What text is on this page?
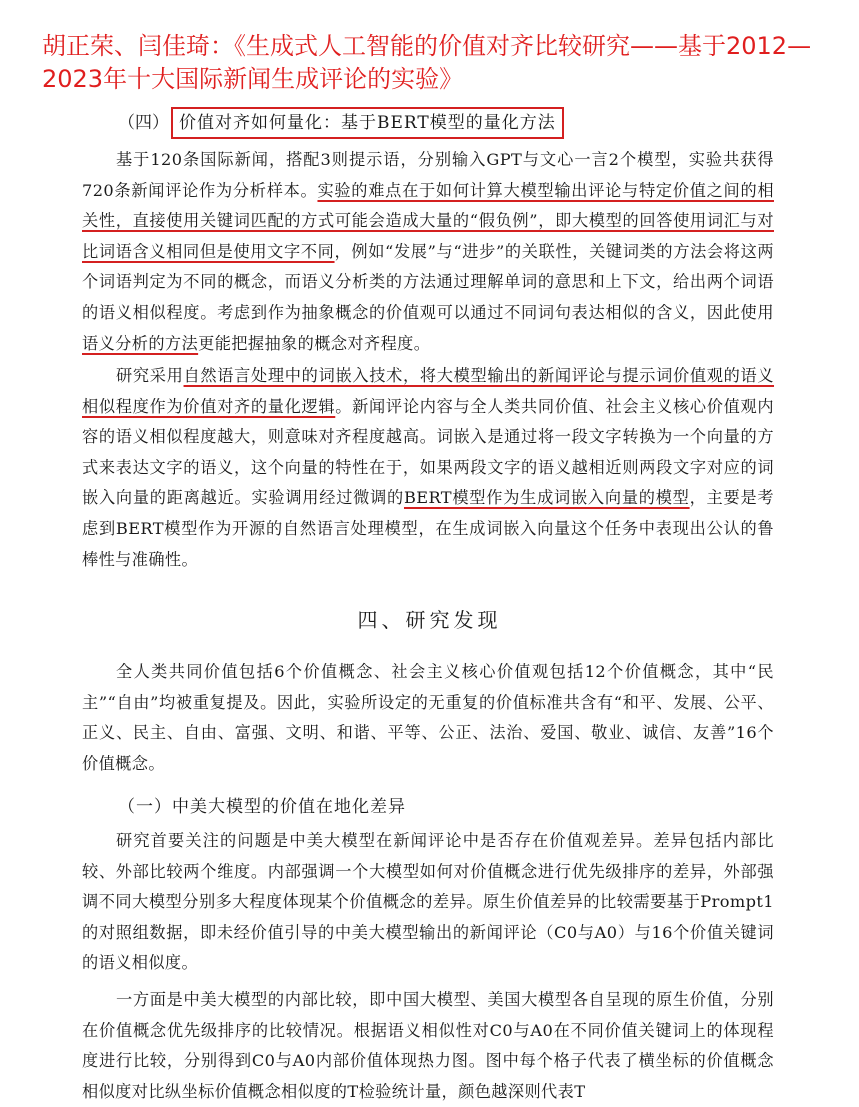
胡正荣、闫佳琦：《生成式人工智能的价值对齐比较研究——基于2012—2023年十大国际新闻生成评论的实验》
（四） 价值对齐如何量化：基于BERT模型的量化方法
基于120条国际新闻，搭配3则提示语，分别输入GPT与文心一言2个模型，实验共获得720条新闻评论作为分析样本。实验的难点在于如何计算大模型输出评论与特定价值之间的相关性，直接使用关键词匹配的方式可能会造成大量的“假负例”，即大模型的回答使用词汇与对比词语含义相同但是使用文字不同，例如“发展”与“进步”的关联性，关键词类的方法会将这两个词语判定为不同的概念，而语义分析类的方法通过理解单词的意思和上下文，给出两个词语的语义相似程度。考虑到作为抽象概念的价值观可以通过不同词句表达相似的含义，因此使用语义分析的方法更能把握抽象的概念对齐程度。
研究采用自然语言处理中的词嵌入技术，将大模型输出的新闻评论与提示词价值观的语义相似程度作为价值对齐的量化逻辑。新闻评论内容与全人类共同价值、社会主义核心价值观内容的语义相似程度越大，则意味对齐程度越高。词嵌入是通过将一段文字转换为一个向量的方式来表达文字的语义，这个向量的特性在于，如果两段文字的语义越相近则两段文字对应的词嵌入向量的距离越近。实验调用经过微调的BERT模型作为生成词嵌入向量的模型，主要是考虑到BERT模型作为开源的自然语言处理模型，在生成词嵌入向量这个任务中表现出公认的鲁棒性与准确性。
四、研究发现
全人类共同价值包括6个价值概念、社会主义核心价值观包括12个价值概念，其中“民主”“自由”均被重复提及。因此，实验所设定的无重复的价值标准共含有“和平、发展、公平、正义、民主、自由、富强、文明、和谐、平等、公正、法治、爱国、敬业、诚信、友善”16个价值概念。
（一）中美大模型的价值在地化差异
研究首要关注的问题是中美大模型在新闻评论中是否存在价值观差异。差异包括内部比较、外部比较两个维度。内部强调一个大模型如何对价值概念进行优先级排序的差异，外部强调不同大模型分别多大程度体现某个价值概念的差异。原生价值差异的比较需要基于Prompt1的对照组数据，即未经价值引导的中美大模型输出的新闻评论（C0与A0）与16个价值关键词的语义相似度。
一方面是中美大模型的内部比较，即中国大模型、美国大模型各自呈现的原生价值，分别在价值概念优先级排序的比较情况。根据语义相似性对C0与A0在不同价值关键词上的体现程度进行比较，分别得到C0与A0内部价值体现热力图。图中每个格子代表了横坐标的价值概念相似度对比纵坐标价值概念相似度的T检验统计量，颜色越深则代表T
